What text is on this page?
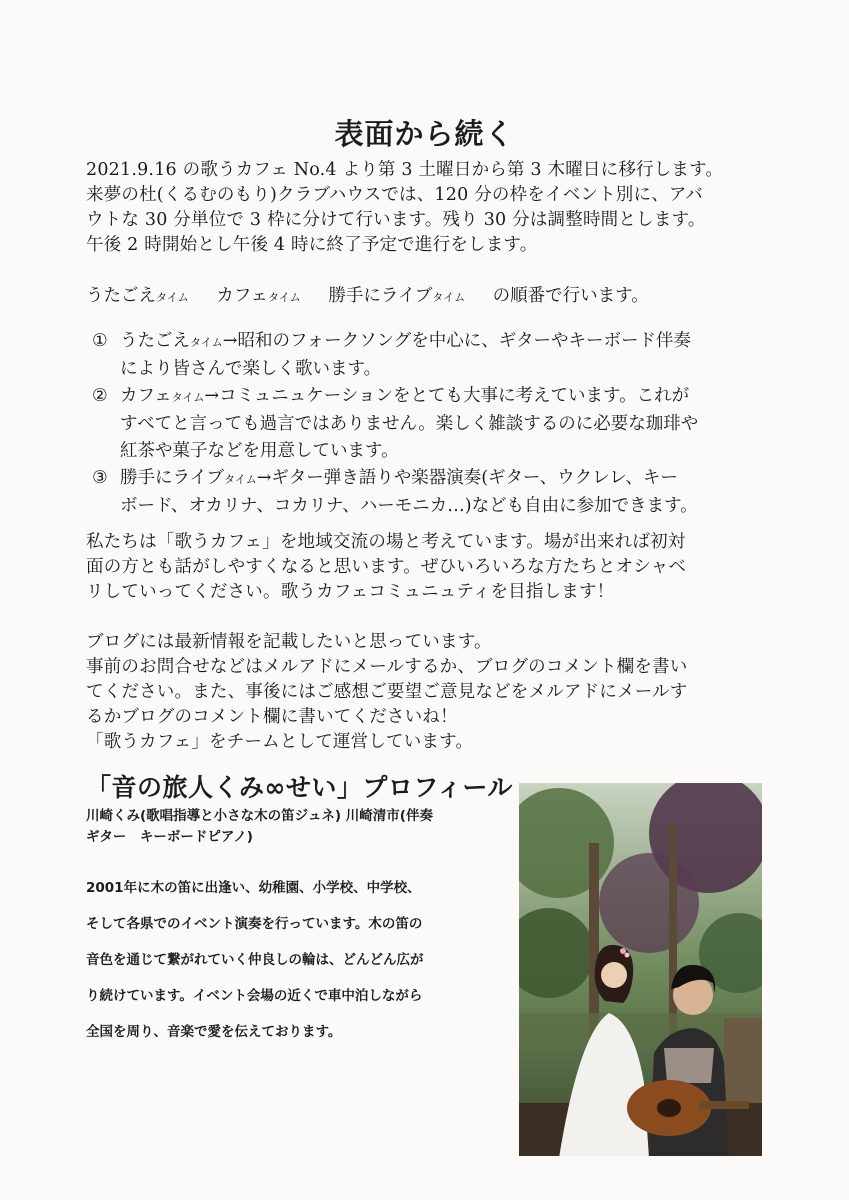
表面から続く
2021.9.16 の歌うカフェ No.4 より第 3 土曜日から第 3 木曜日に移行します。
来夢の杜(くるむのもり)クラブハウスでは、120 分の枠をイベント別に、アバ
ウトな 30 分単位で 3 枠に分けて行います。残り 30 分は調整時間とします。
午後 2 時開始とし午後 4 時に終了予定で進行をします。
うたごえタイム カフェタイム 勝手にライブタイム の順番で行います。
① うたごえタイム→昭和のフォークソングを中心に、ギターやキーボード伴奏
により皆さんで楽しく歌います。
② カフェタイム→コミュニュケーションをとても大事に考えています。これが
すべてと言っても過言ではありません。楽しく雑談するのに必要な珈琲や
紅茶や菓子などを用意しています。
③ 勝手にライブタイム→ギター弾き語りや楽器演奏(ギター、ウクレレ、キー
ボード、オカリナ、コカリナ、ハーモニカ…)なども自由に参加できます。
私たちは「歌うカフェ」を地域交流の場と考えています。場が出来れば初対
面の方とも話がしやすくなると思います。ぜひいろいろな方たちとオシャベ
リしていってください。歌うカフェコミュニュティを目指します！
ブログには最新情報を記載したいと思っています。
事前のお問合せなどはメルアドにメールするか、ブログのコメント欄を書い
てください。また、事後にはご感想ご要望ご意見などをメルアドにメールす
るかブログのコメント欄に書いてくださいね！
「歌うカフェ」をチームとして運営しています。
「音の旅人くみ∞せい」プロフィール
川崎くみ(歌唱指導と小さな木の笛ジュネ) 川崎清市(伴奏
ギター　キーボードピアノ)
2001年に木の笛に出逢い、幼稚園、小学校、中学校、
そして各県でのイベント演奏を行っています。木の笛の
音色を通じて繋がれていく仲良しの輪は、どんどん広が
り続けています。イベント会場の近くで車中泊しながら
全国を周り、音楽で愛を伝えております。
